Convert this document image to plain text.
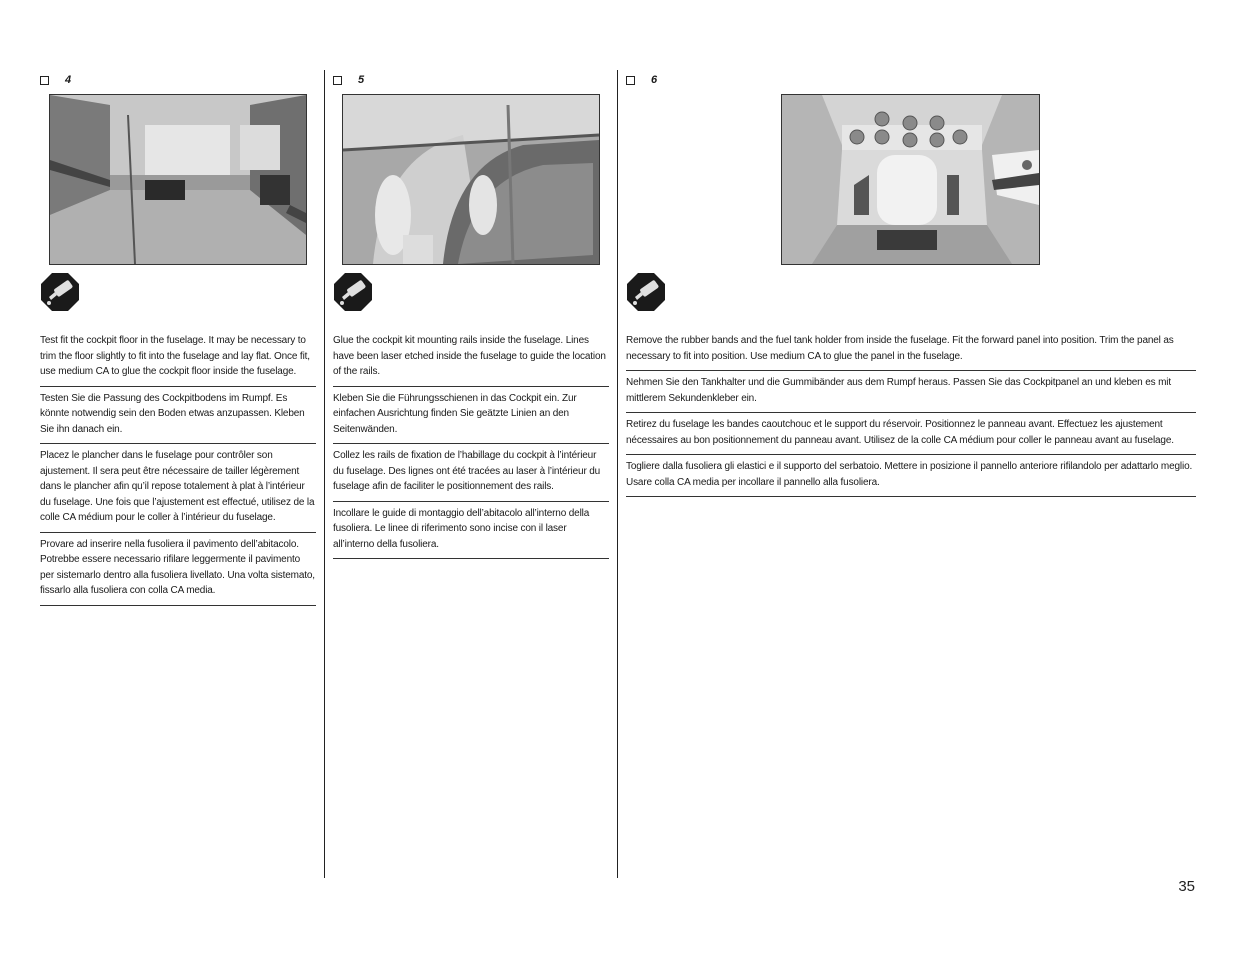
4
Test fit the cockpit floor in the fuselage. It may be necessary to trim the floor slightly to fit into the fuselage and lay flat. Once fit, use medium CA to glue the cockpit floor inside the fuselage.
Testen Sie die Passung des Cockpitbodens im Rumpf. Es könnte notwendig sein den Boden etwas anzupassen. Kleben Sie ihn danach ein.
Placez le plancher dans le fuselage pour contrôler son ajustement. Il sera peut être nécessaire de tailler légèrement dans le plancher afin qu’il repose totalement à plat à l’intérieur du fuselage. Une fois que l’ajustement est effectué, utilisez de la colle CA médium pour le coller à l’intérieur du fuselage.
Provare ad inserire nella fusoliera il pavimento dell’abitacolo. Potrebbe essere necessario rifilare leggermente il pavimento per sistemarlo dentro alla fusoliera livellato. Una volta sistemato, fissarlo alla fusoliera con colla CA media.
5
Glue the cockpit kit mounting rails inside the fuselage. Lines have been laser etched inside the fuselage to guide the location of the rails.
Kleben Sie die Führungsschienen in das Cockpit ein. Zur einfachen Ausrichtung finden Sie geätzte Linien an den Seitenwänden.
Collez les rails de fixation de l’habillage du cockpit à l’intérieur du fuselage. Des lignes ont été tracées au laser à l’intérieur du fuselage afin de faciliter le positionnement des rails.
Incollare le guide di montaggio dell’abitacolo all’interno della fusoliera. Le linee di riferimento sono incise con il laser all’interno della fusoliera.
6
Remove the rubber bands and the fuel tank holder from inside the fuselage. Fit the forward panel into position. Trim the panel as necessary to fit into position. Use medium CA to glue the panel in the fuselage.
Nehmen Sie den Tankhalter und die Gummibänder aus dem Rumpf heraus. Passen Sie das Cockpitpanel an und kleben es mit mittlerem Sekundenkleber ein.
Retirez du fuselage les bandes caoutchouc et le support du réservoir. Positionnez le panneau avant. Effectuez les ajustement nécessaires au bon positionnement du panneau avant. Utilisez de la colle CA médium pour coller le panneau avant au fuselage.
Togliere dalla fusoliera gli elastici e il supporto del serbatoio. Mettere in posizione il pannello anteriore rifilandolo per adattarlo meglio. Usare colla CA media per incollare il pannello alla fusoliera.
35
